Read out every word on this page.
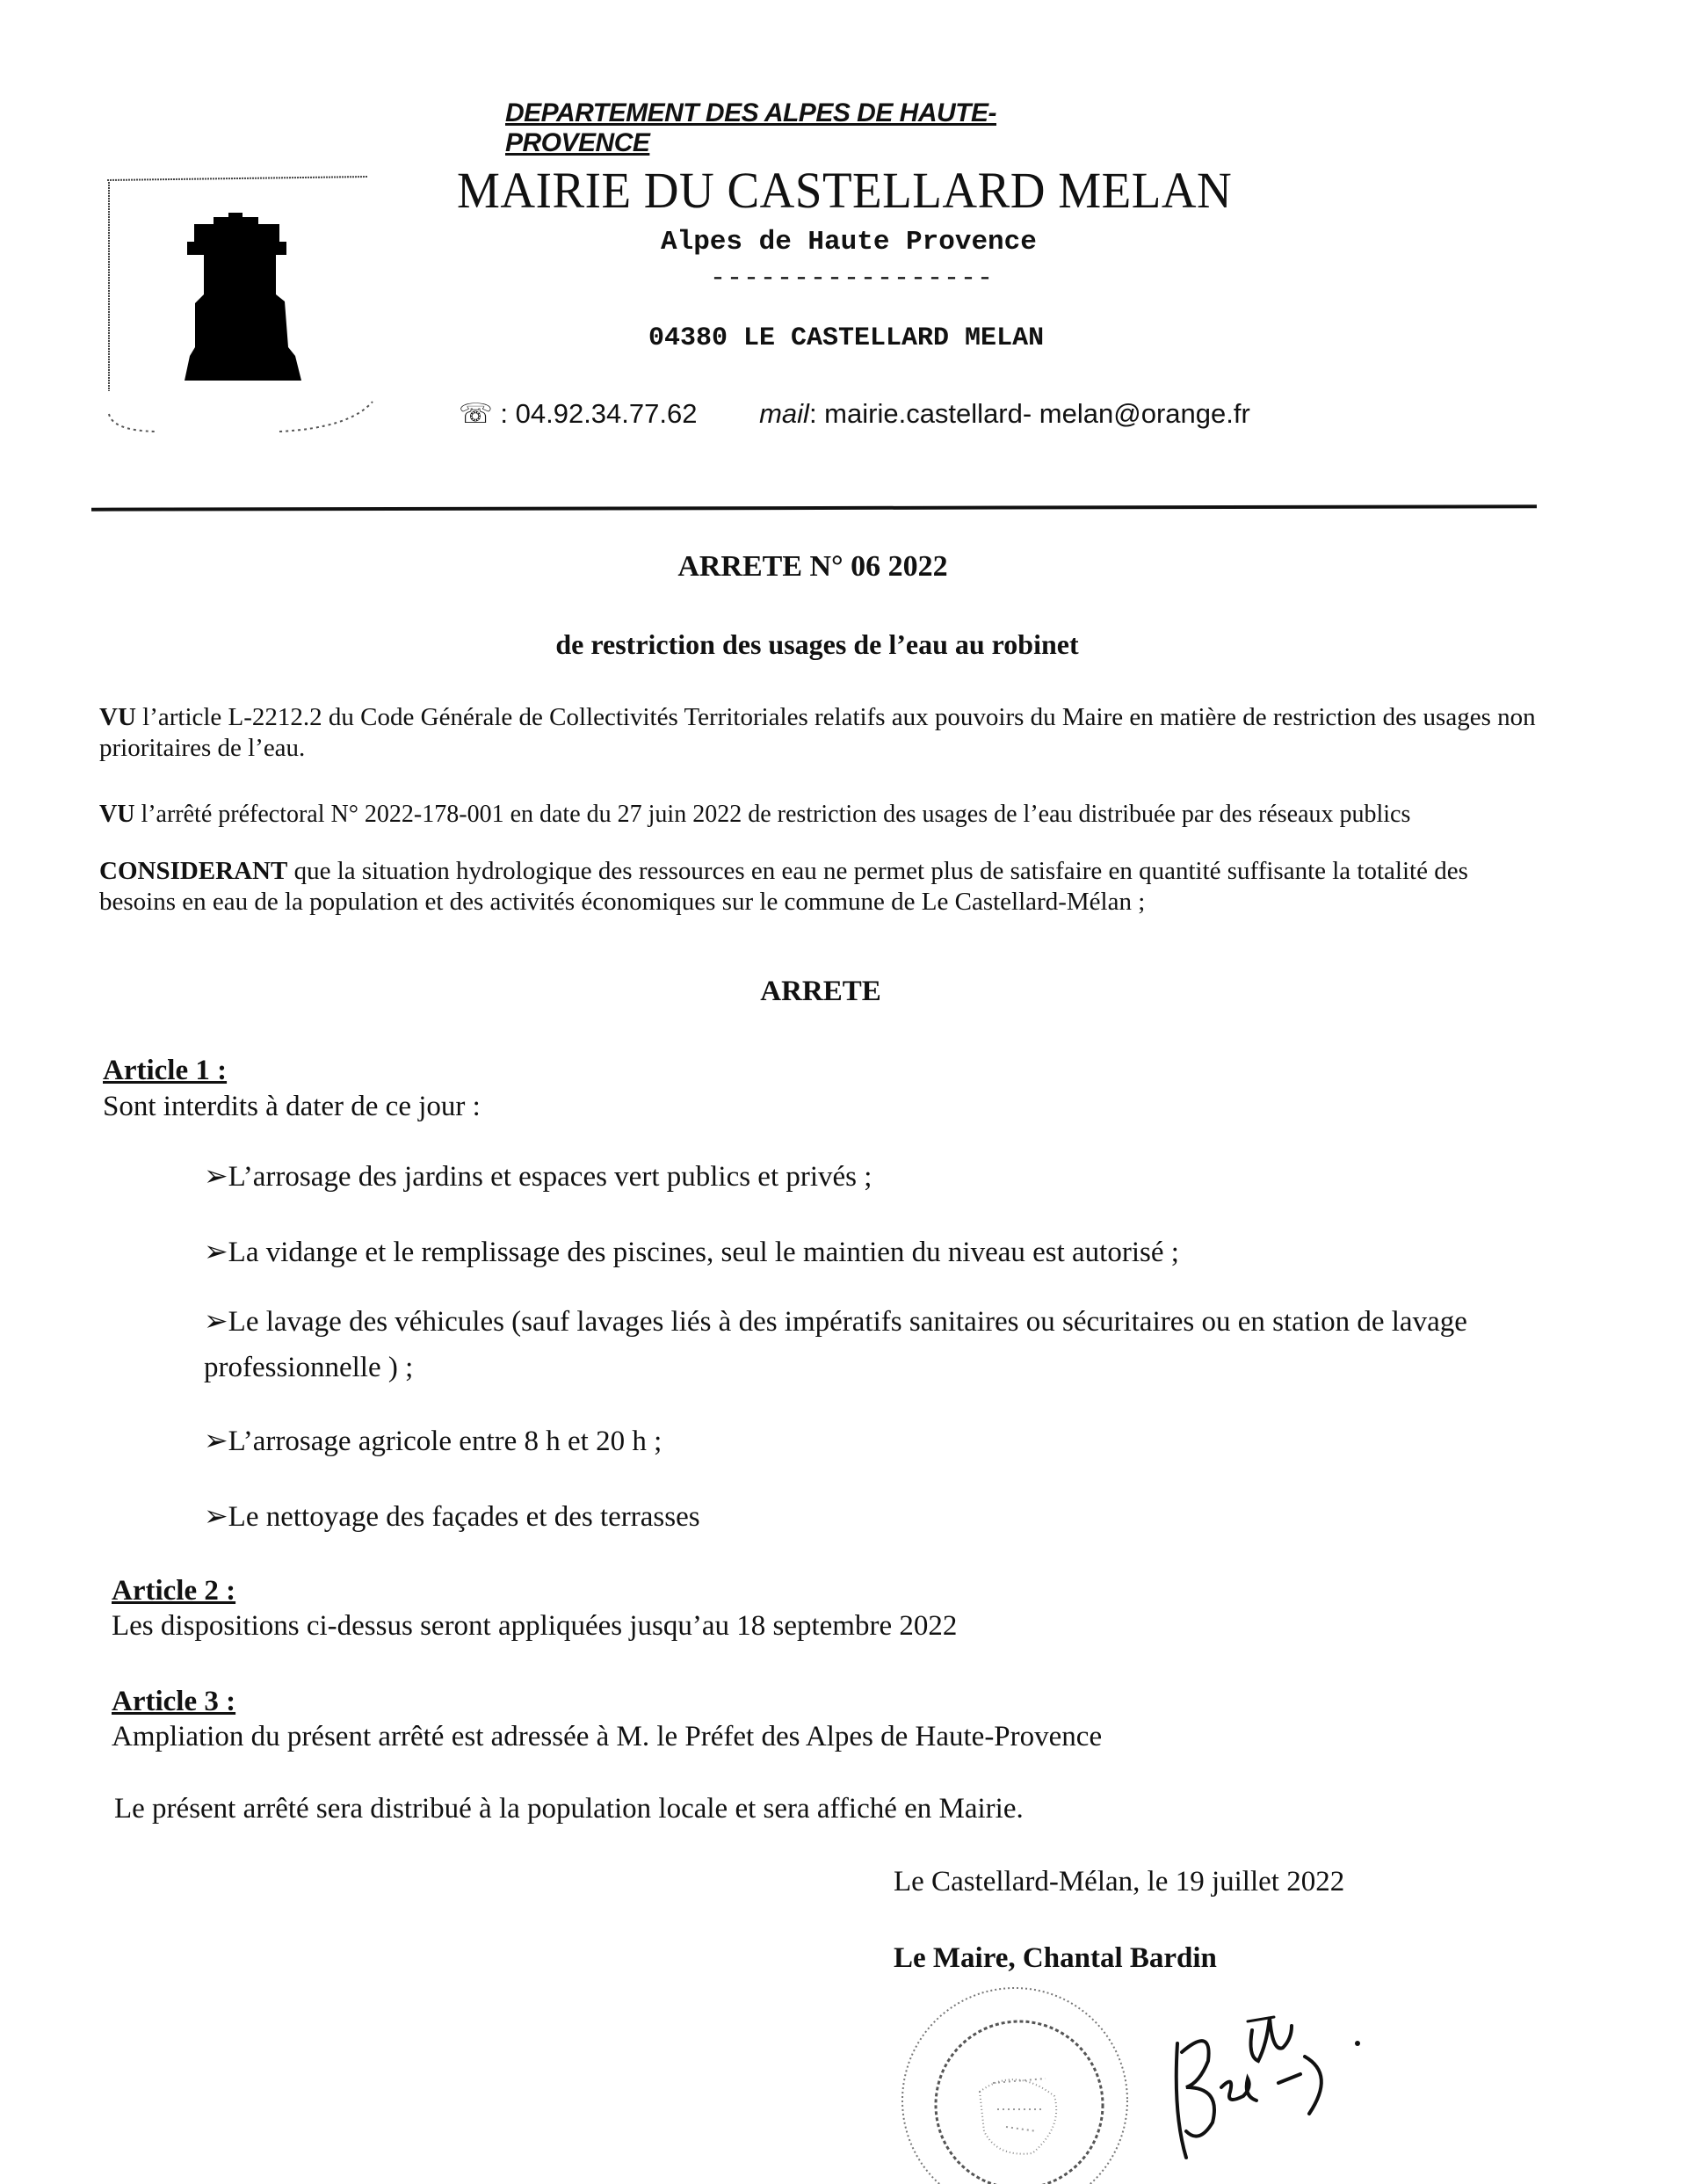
DEPARTEMENT DES ALPES DE HAUTE-PROVENCE
MAIRIE DU CASTELLARD MELAN
Alpes de Haute Provence
-----------------
04380 LE CASTELLARD MELAN
☏ : 04.92.34.77.62 mail: mairie.castellard- melan@orange.fr
ARRETE N° 06 2022
de restriction des usages de l’eau au robinet
VU l’article L-2212.2 du Code Générale de Collectivités Territoriales relatifs aux pouvoirs du Maire en matière de restriction des usages non prioritaires de l’eau.
VU l’arrêté préfectoral N° 2022-178-001 en date du 27 juin 2022 de restriction des usages de l’eau distribuée par des réseaux publics
CONSIDERANT que la situation hydrologique des ressources en eau ne permet plus de satisfaire en quantité suffisante la totalité des besoins en eau de la population et des activités économiques sur le commune de Le Castellard-Mélan ;
ARRETE
Article 1 :
Sont interdits à dater de ce jour :
➢L’arrosage des jardins et espaces vert publics et privés ;
➢La vidange et le remplissage des piscines, seul le maintien du niveau est autorisé ;
➢Le lavage des véhicules (sauf lavages liés à des impératifs sanitaires ou sécuritaires ou en station de lavage professionnelle ) ;
➢L’arrosage agricole entre 8 h et 20 h ;
➢Le nettoyage des façades et des terrasses
Article 2 :
Les dispositions ci-dessus seront appliquées jusqu’au 18 septembre 2022
Article 3 :
Ampliation du présent arrêté est adressée à M. le Préfet des Alpes de Haute-Provence
Le présent arrêté sera distribué à la population locale et sera affiché en Mairie.
Le Castellard-Mélan, le 19 juillet 2022
Le Maire, Chantal Bardin
